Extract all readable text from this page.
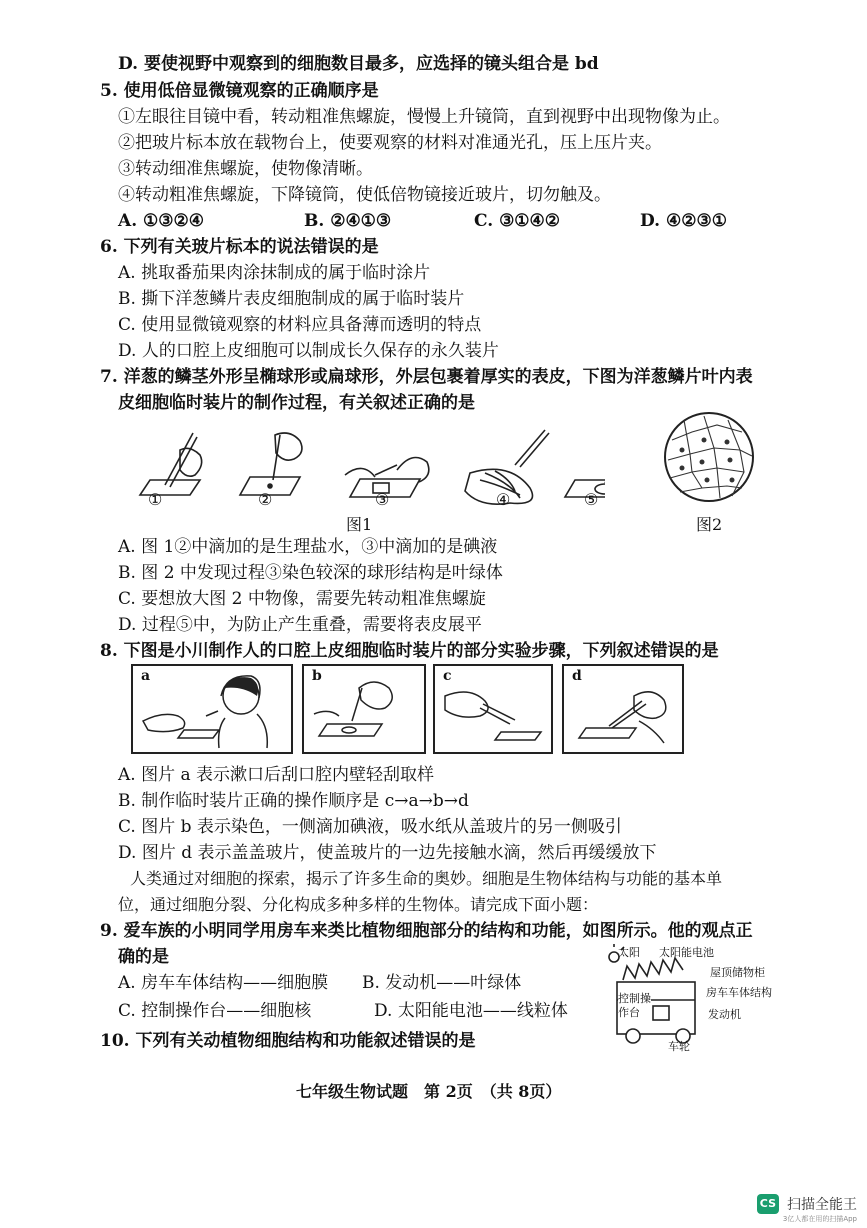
D. 要使视野中观察到的细胞数目最多，应选择的镜头组合是 bd
5. 使用低倍显微镜观察的正确顺序是
①左眼往目镜中看，转动粗准焦螺旋，慢慢上升镜筒，直到视野中出现物像为止。
②把玻片标本放在载物台上，使要观察的材料对准通光孔，压上压片夹。
③转动细准焦螺旋，使物像清晰。
④转动粗准焦螺旋，下降镜筒，使低倍物镜接近玻片，切勿触及。
A. ①③②④	B. ②④①③	C. ③①④②	D. ④②③①
6. 下列有关玻片标本的说法错误的是
A. 挑取番茄果肉涂抹制成的属于临时涂片
B. 撕下洋葱鳞片表皮细胞制成的属于临时装片
C. 使用显微镜观察的材料应具备薄而透明的特点
D. 人的口腔上皮细胞可以制成长久保存的永久装片
7. 洋葱的鳞茎外形呈椭球形或扁球形，外层包裹着厚实的表皮，下图为洋葱鳞片叶内表
皮细胞临时装片的制作过程，有关叙述正确的是
①	②	③	④	⑤
图1	图2
A. 图 1②中滴加的是生理盐水，③中滴加的是碘液
B. 图 2 中发现过程③染色较深的球形结构是叶绿体
C. 要想放大图 2 中物像，需要先转动粗准焦螺旋
D. 过程⑤中，为防止产生重叠，需要将表皮展平
8. 下图是小川制作人的口腔上皮细胞临时装片的部分实验步骤，下列叙述错误的是
a	b	c	d
A. 图片 a 表示漱口后刮口腔内壁轻刮取样
B. 制作临时装片正确的操作顺序是 c→a→b→d
C. 图片 b 表示染色，一侧滴加碘液，吸水纸从盖玻片的另一侧吸引
D. 图片 d 表示盖盖玻片，使盖玻片的一边先接触水滴，然后再缓缓放下
人类通过对细胞的探索，揭示了许多生命的奥妙。细胞是生物体结构与功能的基本单
位，通过细胞分裂、分化构成多种多样的生物体。请完成下面小题：
9. 爱车族的小明同学用房车来类比植物细胞部分的结构和功能，如图所示。他的观点正
确的是
A. 房车车体结构——细胞膜 B. 发动机——叶绿体
C. 控制操作台——细胞核	D. 太阳能电池——线粒体
太阳 太阳能电池
屋顶储物柜
房车车体结构
控制操
作台	发动机
车轮
10. 下列有关动植物细胞结构和功能叙述错误的是
七年级生物试题　第 2页　（共 8页）
CS 扫描全能王
3亿人都在用的扫描App
